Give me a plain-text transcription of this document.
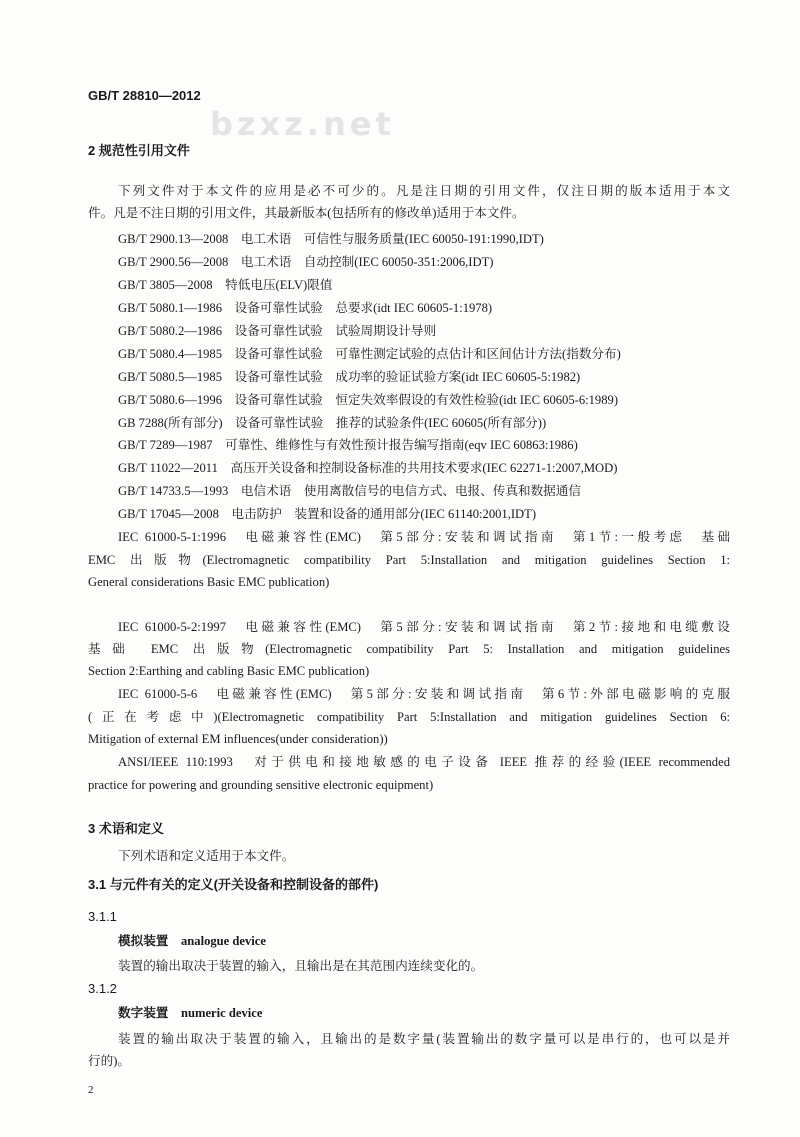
bzxz.net
GB/T 28810—2012
2 规范性引用文件
下列文件对于本文件的应用是必不可少的。凡是注日期的引用文件，仅注日期的版本适用于本文
件。凡是不注日期的引用文件，其最新版本(包括所有的修改单)适用于本文件。
GB/T 2900.13—2008　电工术语　可信性与服务质量(IEC 60050-191:1990,IDT)
GB/T 2900.56—2008　电工术语　自动控制(IEC 60050-351:2006,IDT)
GB/T 3805—2008　特低电压(ELV)限值
GB/T 5080.1—1986　设备可靠性试验　总要求(idt IEC 60605-1:1978)
GB/T 5080.2—1986　设备可靠性试验　试验周期设计导则
GB/T 5080.4—1985　设备可靠性试验　可靠性测定试验的点估计和区间估计方法(指数分布)
GB/T 5080.5—1985　设备可靠性试验　成功率的验证试验方案(idt IEC 60605-5:1982)
GB/T 5080.6—1996　设备可靠性试验　恒定失效率假设的有效性检验(idt IEC 60605-6:1989)
GB 7288(所有部分)　设备可靠性试验　推荐的试验条件(IEC 60605(所有部分))
GB/T 7289—1987　可靠性、维修性与有效性预计报告编写指南(eqv IEC 60863:1986)
GB/T 11022—2011　高压开关设备和控制设备标准的共用技术要求(IEC 62271-1:2007,MOD)
GB/T 14733.5—1993　电信术语　使用离散信号的电信方式、电报、传真和数据通信
GB/T 17045—2008　电击防护　装置和设备的通用部分(IEC 61140:2001,IDT)
IEC 61000-5-1:1996　电磁兼容性(EMC)　第5部分:安装和调试指南　第1节:一般考虑　基础
EMC 出版物(Electromagnetic compatibility Part 5:Installation and mitigation guidelines Section 1:
General considerations Basic EMC publication)
IEC 61000-5-2:1997　电磁兼容性(EMC)　第5部分:安装和调试指南　第2节:接地和电缆敷设
基础 EMC 出版物(Electromagnetic compatibility Part 5: Installation and mitigation guidelines
Section 2:Earthing and cabling Basic EMC publication)
IEC 61000-5-6　电磁兼容性(EMC)　第5部分:安装和调试指南　第6节:外部电磁影响的克服
(正在考虑中)(Electromagnetic compatibility Part 5:Installation and mitigation guidelines Section 6:
Mitigation of external EM influences(under consideration))
ANSI/IEEE 110:1993　对于供电和接地敏感的电子设备 IEEE 推荐的经验(IEEE recommended
practice for powering and grounding sensitive electronic equipment)
3 术语和定义
下列术语和定义适用于本文件。
3.1 与元件有关的定义(开关设备和控制设备的部件)
3.1.1
模拟装置　analogue device
装置的输出取决于装置的输入，且输出是在其范围内连续变化的。
3.1.2
数字装置　numeric device
装置的输出取决于装置的输入，且输出的是数字量(装置输出的数字量可以是串行的，也可以是并
行的)。
2
